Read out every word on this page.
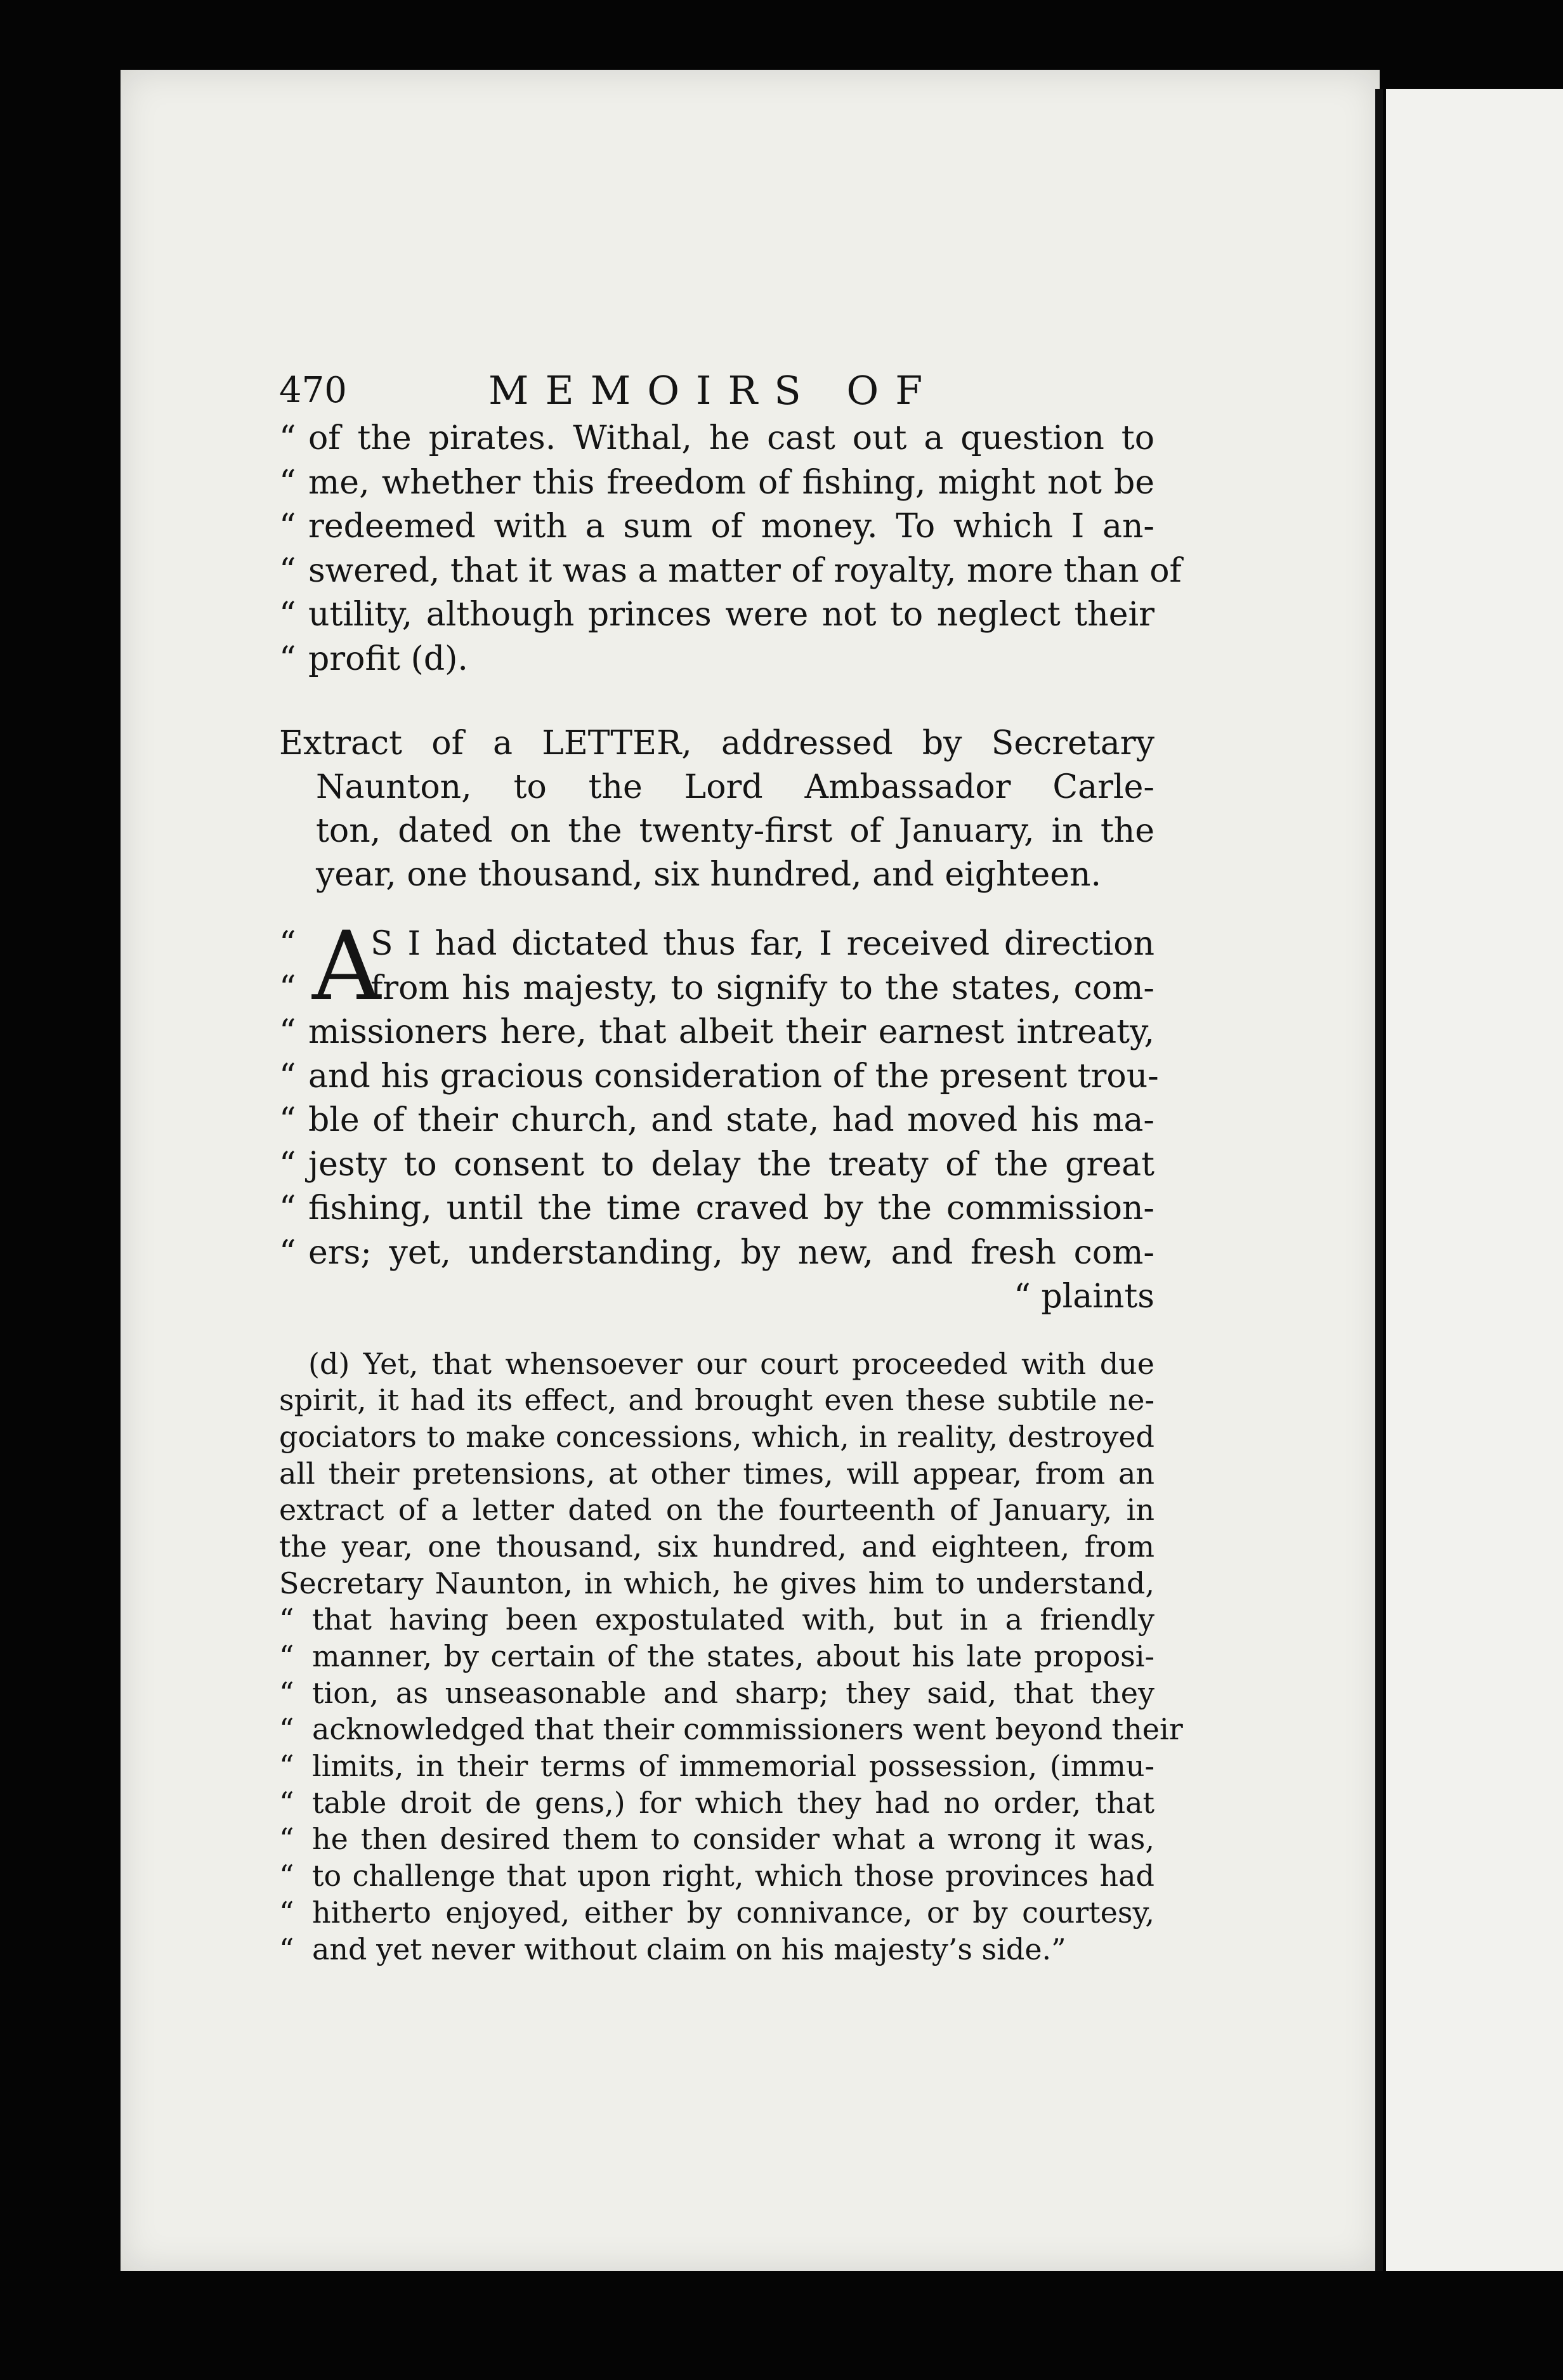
470	MEMOIRS OF
“ of the pirates. Withal, he cast out a question to
“ me, whether this freedom of fishing, might not be
“ redeemed with a sum of money. To which I an-
“ swered, that it was a matter of royalty, more than of
“ utility, although princes were not to neglect their
“ profit (d).
Extract of a LETTER, addressed by Secretary
Naunton, to the Lord Ambassador Carle-
ton, dated on the twenty-first of January, in the
year, one thousand, six hundred, and eighteen.
A
“ S I had dictated thus far, I received direction
“ from his majesty, to signify to the states, com-
“ missioners here, that albeit their earnest intreaty,
“ and his gracious consideration of the present trou-
“ ble of their church, and state, had moved his ma-
“ jesty to consent to delay the treaty of the great
“ fishing, until the time craved by the commission-
“ ers; yet, understanding, by new, and fresh com-
“ plaints
(d) Yet, that whensoever our court proceeded with due
spirit, it had its effect, and brought even these subtile ne-
gociators to make concessions, which, in reality, destroyed
all their pretensions, at other times, will appear, from an
extract of a letter dated on the fourteenth of January, in
the year, one thousand, six hundred, and eighteen, from
Secretary Naunton, in which, he gives him to understand,
“ that having been expostulated with, but in a friendly
“ manner, by certain of the states, about his late proposi-
“ tion, as unseasonable and sharp; they said, that they
“ acknowledged that their commissioners went beyond their
“ limits, in their terms of immemorial possession, (immu-
“ table droit de gens,) for which they had no order, that
“ he then desired them to consider what a wrong it was,
“ to challenge that upon right, which those provinces had
“ hitherto enjoyed, either by connivance, or by courtesy,
“ and yet never without claim on his majesty’s side.”
